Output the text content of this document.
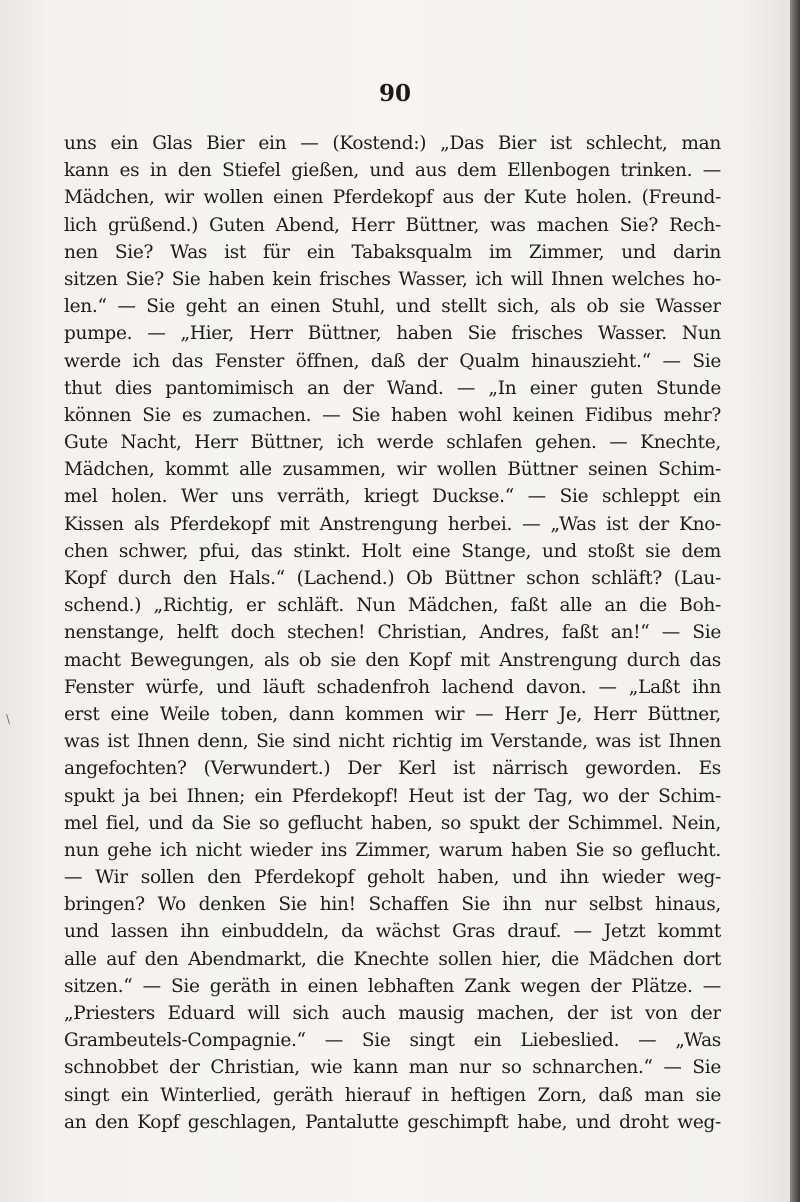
90
\
uns ein Glas Bier ein — (Kostend:) „Das Bier ist schlecht, man
kann es in den Stiefel gießen, und aus dem Ellenbogen trinken. —
Mädchen, wir wollen einen Pferdekopf aus der Kute holen. (Freund-
lich grüßend.) Guten Abend, Herr Büttner, was machen Sie? Rech-
nen Sie? Was ist für ein Tabaksqualm im Zimmer, und darin
sitzen Sie? Sie haben kein frisches Wasser, ich will Ihnen welches ho-
len.“ — Sie geht an einen Stuhl, und stellt sich, als ob sie Wasser
pumpe. — „Hier, Herr Büttner, haben Sie frisches Wasser. Nun
werde ich das Fenster öffnen, daß der Qualm hinauszieht.“ — Sie
thut dies pantomimisch an der Wand. — „In einer guten Stunde
können Sie es zumachen. — Sie haben wohl keinen Fidibus mehr?
Gute Nacht, Herr Büttner, ich werde schlafen gehen. — Knechte,
Mädchen, kommt alle zusammen, wir wollen Büttner seinen Schim-
mel holen. Wer uns verräth, kriegt Duckse.“ — Sie schleppt ein
Kissen als Pferdekopf mit Anstrengung herbei. — „Was ist der Kno-
chen schwer, pfui, das stinkt. Holt eine Stange, und stoßt sie dem
Kopf durch den Hals.“ (Lachend.) Ob Büttner schon schläft? (Lau-
schend.) „Richtig, er schläft. Nun Mädchen, faßt alle an die Boh-
nenstange, helft doch stechen! Christian, Andres, faßt an!“ — Sie
macht Bewegungen, als ob sie den Kopf mit Anstrengung durch das
Fenster würfe, und läuft schadenfroh lachend davon. — „Laßt ihn
erst eine Weile toben, dann kommen wir — Herr Je, Herr Büttner,
was ist Ihnen denn, Sie sind nicht richtig im Verstande, was ist Ihnen
angefochten? (Verwundert.) Der Kerl ist närrisch geworden. Es
spukt ja bei Ihnen; ein Pferdekopf! Heut ist der Tag, wo der Schim-
mel fiel, und da Sie so geflucht haben, so spukt der Schimmel. Nein,
nun gehe ich nicht wieder ins Zimmer, warum haben Sie so geflucht.
— Wir sollen den Pferdekopf geholt haben, und ihn wieder weg-
bringen? Wo denken Sie hin! Schaffen Sie ihn nur selbst hinaus,
und lassen ihn einbuddeln, da wächst Gras drauf. — Jetzt kommt
alle auf den Abendmarkt, die Knechte sollen hier, die Mädchen dort
sitzen.“ — Sie geräth in einen lebhaften Zank wegen der Plätze. —
„Priesters Eduard will sich auch mausig machen, der ist von der
Grambeutels-Compagnie.“ — Sie singt ein Liebeslied. — „Was
schnobbet der Christian, wie kann man nur so schnarchen.“ — Sie
singt ein Winterlied, geräth hierauf in heftigen Zorn, daß man sie
an den Kopf geschlagen, Pantalutte geschimpft habe, und droht weg-
